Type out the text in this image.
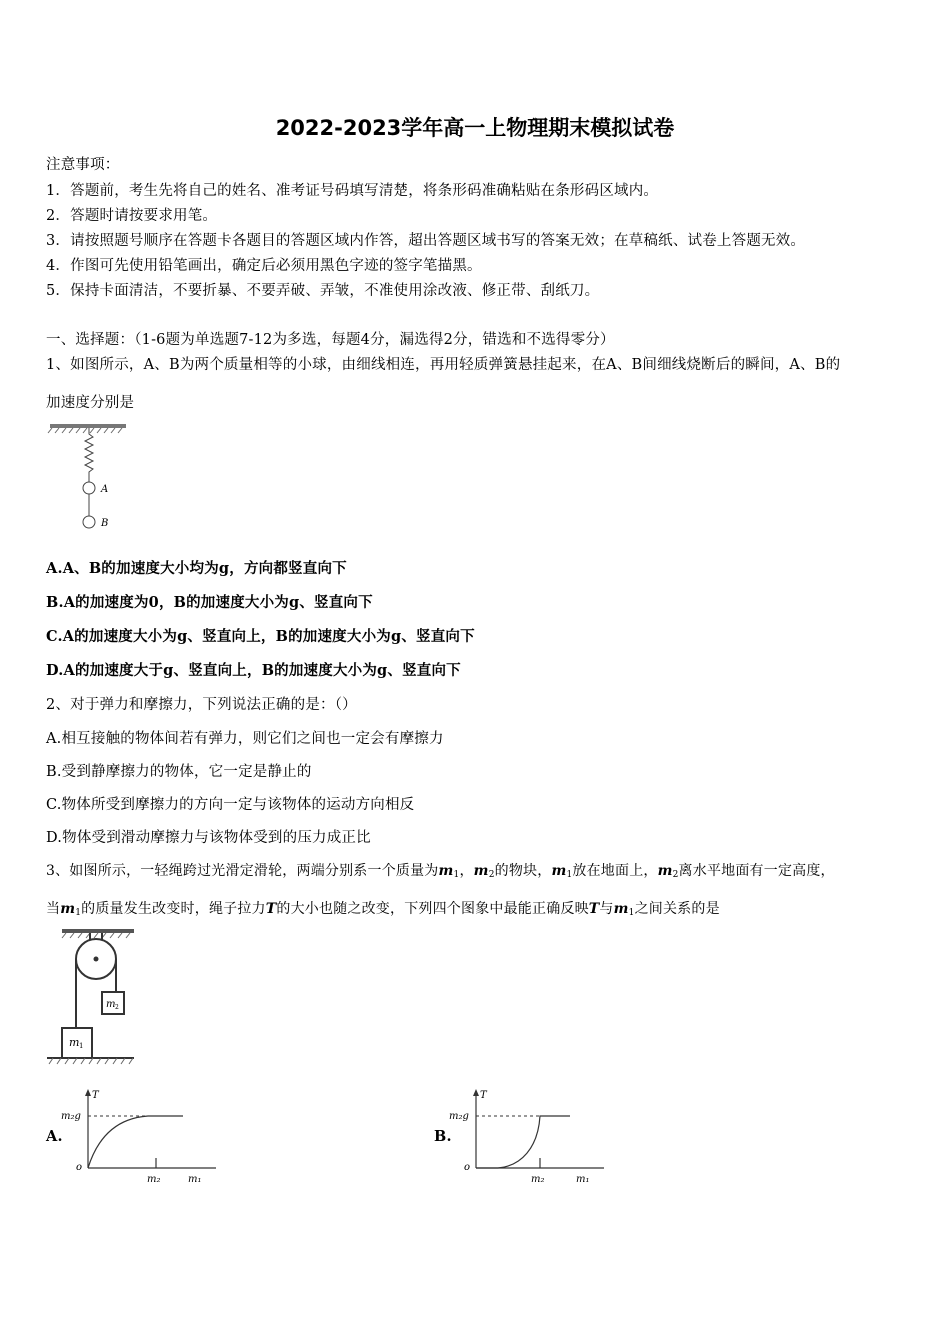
2022-2023学年高一上物理期末模拟试卷
注意事项：
1．答题前，考生先将自己的姓名、准考证号码填写清楚，将条形码准确粘贴在条形码区域内。
2．答题时请按要求用笔。
3．请按照题号顺序在答题卡各题目的答题区域内作答，超出答题区域书写的答案无效；在草稿纸、试卷上答题无效。
4．作图可先使用铅笔画出，确定后必须用黑色字迹的签字笔描黑。
5．保持卡面清洁，不要折暴、不要弄破、弄皱，不准使用涂改液、修正带、刮纸刀。
一、选择题：（1-6题为单选题7-12为多选，每题4分，漏选得2分，错选和不选得零分）
1、如图所示，A、B为两个质量相等的小球，由细线相连，再用轻质弹簧悬挂起来，在A、B间细线烧断后的瞬间，A、B的
加速度分别是
A
B
A.A、B的加速度大小均为g，方向都竖直向下
B.A的加速度为0，B的加速度大小为g、竖直向下
C.A的加速度大小为g、竖直向上，B的加速度大小为g、竖直向下
D.A的加速度大于g、竖直向上，B的加速度大小为g、竖直向下
2、对于弹力和摩擦力，下列说法正确的是：（）
A.相互接触的物体间若有弹力，则它们之间也一定会有摩擦力
B.受到静摩擦力的物体，它一定是静止的
C.物体所受到摩擦力的方向一定与该物体的运动方向相反
D.物体受到滑动摩擦力与该物体受到的压力成正比
3、如图所示，一轻绳跨过光滑定滑轮，两端分别系一个质量为$m_1$，$m_2$的物块，$m_1$放在地面上，$m_2$离水平地面有一定高度，
当$m_1$的质量发生改变时，绳子拉力T的大小也随之改变，下列四个图象中最能正确反映T与$m_1$之间关系的是
m 2
m 1
A.
T
m₂g
o
m₂	m₁
B.
T
m₂g
o
m₂	m₁
